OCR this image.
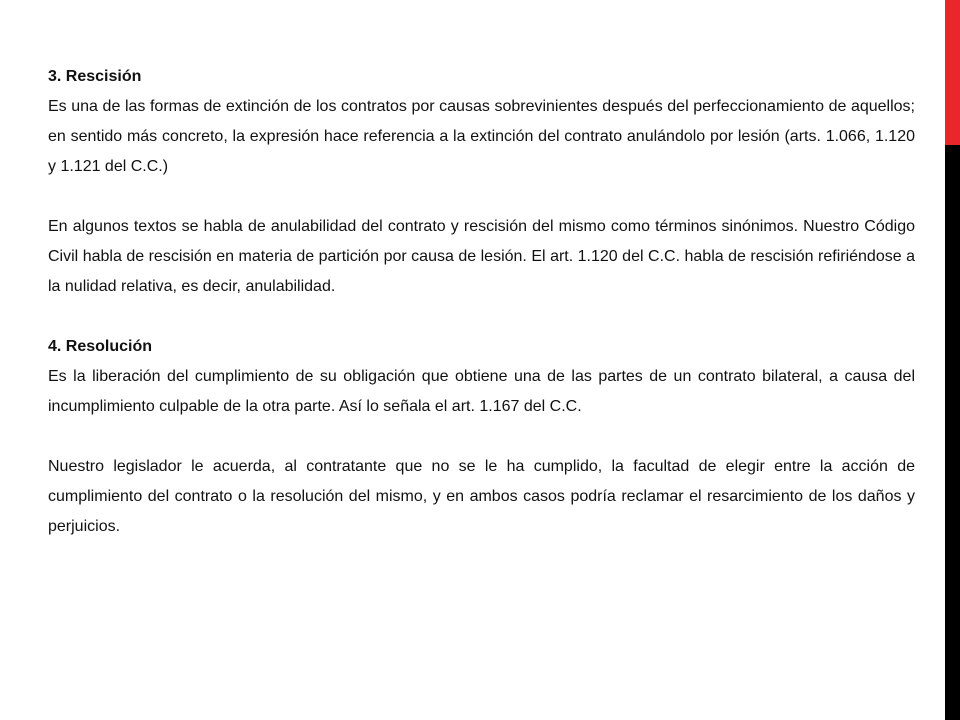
3. Rescisión

Es una de las formas de extinción de los contratos por causas sobrevinientes después del perfeccionamiento de aquellos; en sentido más concreto, la expresión hace referencia a la extinción del contrato anulándolo por lesión (arts. 1.066, 1.120 y 1.121 del C.C.)

En algunos textos se habla de anulabilidad del contrato y rescisión del mismo como términos sinónimos. Nuestro Código Civil habla de rescisión en materia de partición por causa de lesión. El art. 1.120 del C.C. habla de rescisión refiriéndose a la nulidad relativa, es decir, anulabilidad.

4. Resolución

Es la liberación del cumplimiento de su obligación que obtiene una de las partes de un contrato bilateral, a causa del incumplimiento culpable de la otra parte. Así lo señala el art. 1.167 del C.C.

Nuestro legislador le acuerda, al contratante que no se le ha cumplido, la facultad de elegir entre la acción de cumplimiento del contrato o la resolución del mismo, y en ambos casos podría reclamar el resarcimiento de los daños y perjuicios.
